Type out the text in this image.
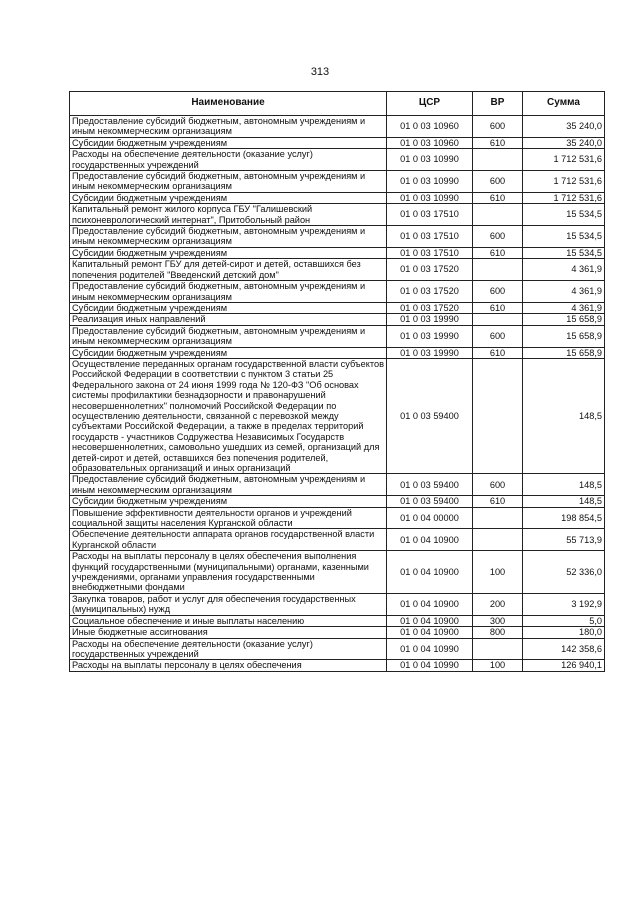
313
Наименование	ЦСР	ВР	Сумма
Предоставление субсидий бюджетным, автономным учреждениям и иным некоммерческим организациям	01 0 03 10960	600	35 240,0
Субсидии бюджетным учреждениям	01 0 03 10960	610	35 240,0
Расходы на обеспечение деятельности (оказание услуг) государственных учреждений	01 0 03 10990		1 712 531,6
Предоставление субсидий бюджетным, автономным учреждениям и иным некоммерческим организациям	01 0 03 10990	600	1 712 531,6
Субсидии бюджетным учреждениям	01 0 03 10990	610	1 712 531,6
Капитальный ремонт жилого корпуса ГБУ "Галишевский психоневрологический интернат", Притобольный район	01 0 03 17510		15 534,5
Предоставление субсидий бюджетным, автономным учреждениям и иным некоммерческим организациям	01 0 03 17510	600	15 534,5
Субсидии бюджетным учреждениям	01 0 03 17510	610	15 534,5
Капитальный ремонт ГБУ для детей-сирот и детей, оставшихся без попечения родителей "Введенский детский дом"	01 0 03 17520		4 361,9
Предоставление субсидий бюджетным, автономным учреждениям и иным некоммерческим организациям	01 0 03 17520	600	4 361,9
Субсидии бюджетным учреждениям	01 0 03 17520	610	4 361,9
Реализация иных направлений	01 0 03 19990		15 658,9
Предоставление субсидий бюджетным, автономным учреждениям и иным некоммерческим организациям	01 0 03 19990	600	15 658,9
Субсидии бюджетным учреждениям	01 0 03 19990	610	15 658,9
Осуществление переданных органам государственной власти субъектов Российской Федерации в соответствии с пунктом 3 статьи 25 Федерального закона от 24 июня 1999 года № 120-ФЗ "Об основах системы профилактики безнадзорности и правонарушений несовершеннолетних" полномочий Российской Федерации по осуществлению деятельности, связанной с перевозкой между субъектами Российской Федерации, а также в пределах территорий государств - участников Содружества Независимых Государств несовершеннолетних, самовольно ушедших из семей, организаций для детей-сирот и детей, оставшихся без попечения родителей, образовательных организаций и иных организаций	01 0 03 59400		148,5
Предоставление субсидий бюджетным, автономным учреждениям и иным некоммерческим организациям	01 0 03 59400	600	148,5
Субсидии бюджетным учреждениям	01 0 03 59400	610	148,5
Повышение эффективности деятельности органов и учреждений социальной защиты населения Курганской области	01 0 04 00000		198 854,5
Обеспечение деятельности аппарата органов государственной власти Курганской области	01 0 04 10900		55 713,9
Расходы на выплаты персоналу в целях обеспечения выполнения функций государственными (муниципальными) органами, казенными учреждениями, органами управления государственными внебюджетными фондами	01 0 04 10900	100	52 336,0
Закупка товаров, работ и услуг для обеспечения государственных (муниципальных) нужд	01 0 04 10900	200	3 192,9
Социальное обеспечение и иные выплаты населению	01 0 04 10900	300	5,0
Иные бюджетные ассигнования	01 0 04 10900	800	180,0
Расходы на обеспечение деятельности (оказание услуг) государственных учреждений	01 0 04 10990		142 358,6
Расходы на выплаты персоналу в целях обеспечения	01 0 04 10990	100	126 940,1
